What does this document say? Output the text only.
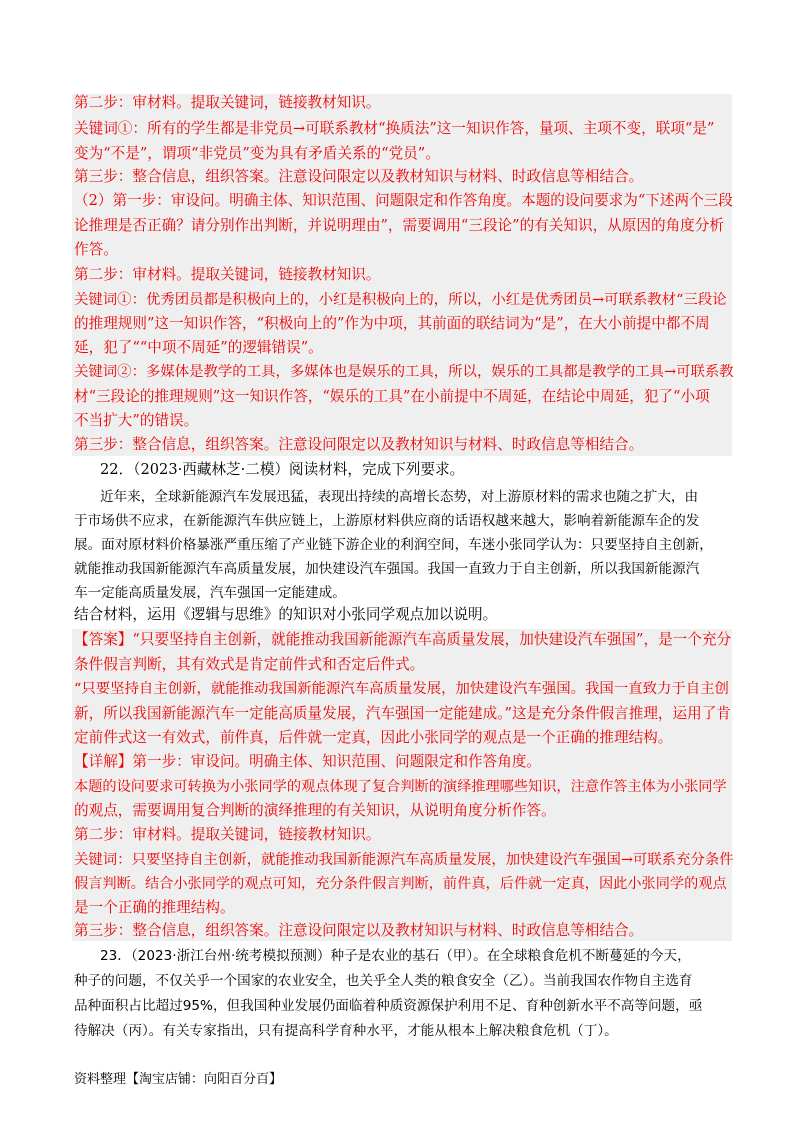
第二步：审材料。提取关键词，链接教材知识。
关键词①：所有的学生都是非党员→可联系教材“换质法”这一知识作答，量项、主项不变，联项“是”
变为“不是”，谓项“非党员”变为具有矛盾关系的“党员”。
第三步：整合信息，组织答案。注意设问限定以及教材知识与材料、时政信息等相结合。
（2）第一步：审设问。明确主体、知识范围、问题限定和作答角度。本题的设问要求为“下述两个三段
论推理是否正确？请分别作出判断，并说明理由”，需要调用“三段论”的有关知识，从原因的角度分析
作答。
第二步：审材料。提取关键词，链接教材知识。
关键词①：优秀团员都是积极向上的，小红是积极向上的，所以，小红是优秀团员→可联系教材“三段论
的推理规则”这一知识作答，“积极向上的”作为中项，其前面的联结词为“是”，在大小前提中都不周
延，犯了““中项不周延”的逻辑错误”。
关键词②：多媒体是教学的工具，多媒体也是娱乐的工具，所以，娱乐的工具都是教学的工具→可联系教
材“三段论的推理规则”这一知识作答，“娱乐的工具”在小前提中不周延，在结论中周延，犯了“小项
不当扩大”的错误。
第三步：整合信息，组织答案。注意设问限定以及教材知识与材料、时政信息等相结合。
22．（2023·西藏林芝·二模）阅读材料，完成下列要求。
近年来，全球新能源汽车发展迅猛，表现出持续的高增长态势，对上游原材料的需求也随之扩大，由
于市场供不应求，在新能源汽车供应链上，上游原材料供应商的话语权越来越大，影响着新能源车企的发
展。面对原材料价格暴涨严重压缩了产业链下游企业的利润空间，车迷小张同学认为：只要坚持自主创新，
就能推动我国新能源汽车高质量发展，加快建设汽车强国。我国一直致力于自主创新，所以我国新能源汽
车一定能高质量发展，汽车强国一定能建成。
结合材料，运用《逻辑与思维》的知识对小张同学观点加以说明。
【答案】“只要坚持自主创新，就能推动我国新能源汽车高质量发展，加快建设汽车强国”，是一个充分
条件假言判断，其有效式是肯定前件式和否定后件式。
“只要坚持自主创新，就能推动我国新能源汽车高质量发展，加快建设汽车强国。我国一直致力于自主创
新，所以我国新能源汽车一定能高质量发展，汽车强国一定能建成。”这是充分条件假言推理，运用了肯
定前件式这一有效式，前件真，后件就一定真，因此小张同学的观点是一个正确的推理结构。
【详解】第一步：审设问。明确主体、知识范围、问题限定和作答角度。
本题的设问要求可转换为小张同学的观点体现了复合判断的演绎推理哪些知识，注意作答主体为小张同学
的观点，需要调用复合判断的演绎推理的有关知识，从说明角度分析作答。
第二步：审材料。提取关键词，链接教材知识。
关键词：只要坚持自主创新，就能推动我国新能源汽车高质量发展，加快建设汽车强国→可联系充分条件
假言判断。结合小张同学的观点可知，充分条件假言判断，前件真，后件就一定真，因此小张同学的观点
是一个正确的推理结构。
第三步：整合信息，组织答案。注意设问限定以及教材知识与材料、时政信息等相结合。
23．（2023·浙江台州·统考模拟预测）种子是农业的基石（甲）。在全球粮食危机不断蔓延的今天，
种子的问题，不仅关乎一个国家的农业安全，也关乎全人类的粮食安全（乙）。当前我国农作物自主选育
品种面积占比超过95%，但我国种业发展仍面临着种质资源保护利用不足、育种创新水平不高等问题，亟
待解决（丙）。有关专家指出，只有提高科学育种水平，才能从根本上解决粮食危机（丁）。
资料整理【淘宝店铺：向阳百分百】
